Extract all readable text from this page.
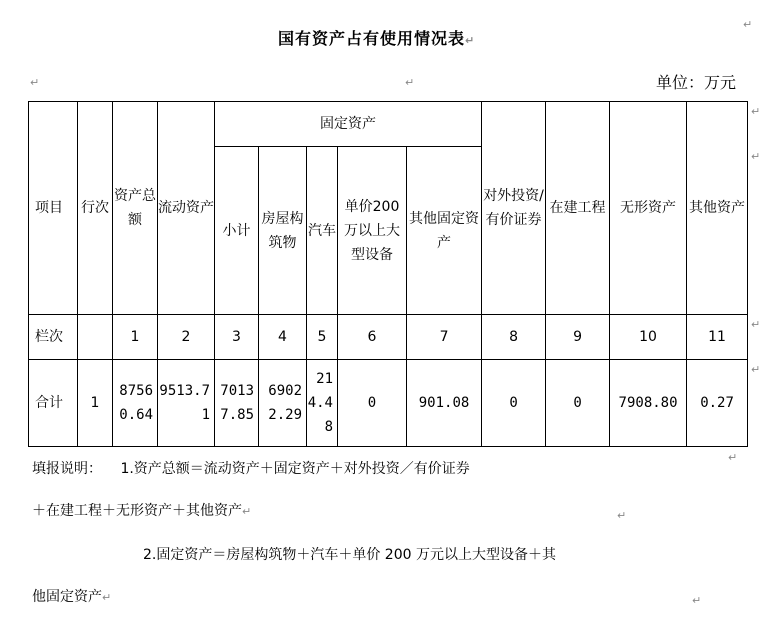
国有资产占有使用情况表↵
↵
↵	↵	单位：万元
项目	行次	资产总额	流动资产	固定资产					对外投资/有价证券	在建工程	无形资产	其他资产
				小计	房屋构筑物	汽车	单价200万以上大型设备	其他固定资产				
栏次		1	2	3	4	5	6	7	8	9	10	11
合计	1	87560.64	9513.71	70137.85	69022.29	214.48	0	901.08	0	0	7908.80	0.27
↵
↵
↵
↵
填报说明： 1.资产总额＝流动资产＋固定资产＋对外投资／有价证券
↵
＋在建工程＋无形资产＋其他资产↵	↵
2.固定资产＝房屋构筑物＋汽车＋单价 200 万元以上大型设备＋其
他固定资产↵	↵
